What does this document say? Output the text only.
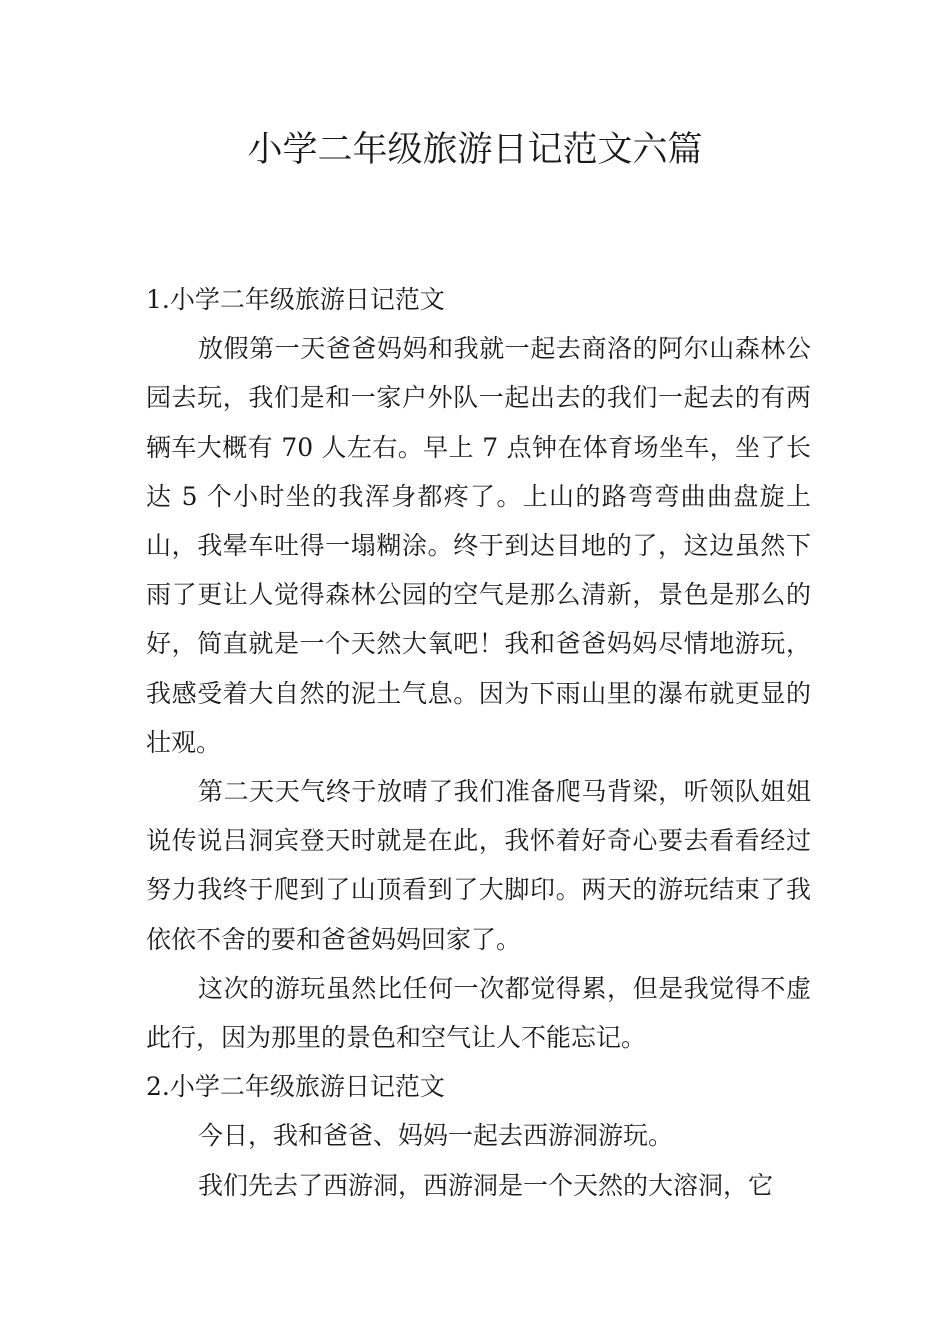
小学二年级旅游日记范文六篇

1.小学二年级旅游日记范文

放假第一天爸爸妈妈和我就一起去商洛的阿尔山森林公园去玩，我们是和一家户外队一起出去的我们一起去的有两辆车大概有 70 人左右。早上 7 点钟在体育场坐车，坐了长达 5 个小时坐的我浑身都疼了。上山的路弯弯曲曲盘旋上山，我晕车吐得一塌糊涂。终于到达目地的了，这边虽然下雨了更让人觉得森林公园的空气是那么清新，景色是那么的好，简直就是一个天然大氧吧！我和爸爸妈妈尽情地游玩，我感受着大自然的泥土气息。因为下雨山里的瀑布就更显的壮观。

第二天天气终于放晴了我们准备爬马背梁，听领队姐姐说传说吕洞宾登天时就是在此，我怀着好奇心要去看看经过努力我终于爬到了山顶看到了大脚印。两天的游玩结束了我依依不舍的要和爸爸妈妈回家了。

这次的游玩虽然比任何一次都觉得累，但是我觉得不虚此行，因为那里的景色和空气让人不能忘记。

2.小学二年级旅游日记范文

今日，我和爸爸、妈妈一起去西游洞游玩。

我们先去了西游洞，西游洞是一个天然的大溶洞，它
